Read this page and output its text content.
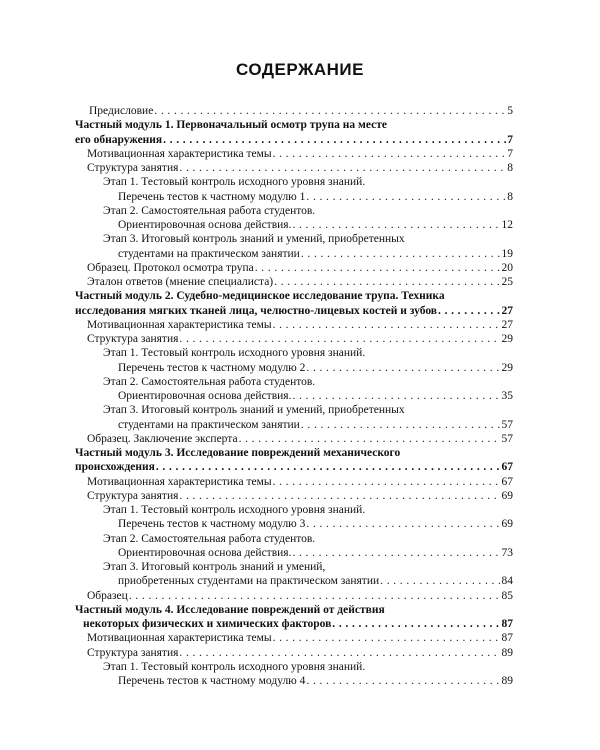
СОДЕРЖАНИЕ
Предисловие . . .	5
Частный модуль 1. Первоначальный осмотр трупа на месте
его обнаружения . . .	7
Мотивационная характеристика темы . . .	7
Структура занятия . . .	8
Этап 1. Тестовый контроль исходного уровня знаний.
Перечень тестов к частному модулю 1 . . .	8
Этап 2. Самостоятельная работа студентов.
Ориентировочная основа действия. . . .	12
Этап 3. Итоговый контроль знаний и умений, приобретенных
студентами на практическом занятии . . .	19
Образец. Протокол осмотра трупа . . .	20
Эталон ответов (мнение специалиста) . . .	25
Частный модуль 2. Судебно-медицинское исследование трупа. Техника
исследования мягких тканей лица, челюстно-лицевых костей и зубов . . .	27
Мотивационная характеристика темы . . .	27
Структура занятия . . .	29
Этап 1. Тестовый контроль исходного уровня знаний.
Перечень тестов к частному модулю 2 . . .	29
Этап 2. Самостоятельная работа студентов.
Ориентировочная основа действия. . . .	35
Этап 3. Итоговый контроль знаний и умений, приобретенных
студентами на практическом занятии . . .	57
Образец. Заключение эксперта . . .	57
Частный модуль 3. Исследование повреждений механического
происхождения . . .	67
Мотивационная характеристика темы . . .	67
Структура занятия . . .	69
Этап 1. Тестовый контроль исходного уровня знаний.
Перечень тестов к частному модулю 3 . . .	69
Этап 2. Самостоятельная работа студентов.
Ориентировочная основа действия. . . .	73
Этап 3. Итоговый контроль знаний и умений,
приобретенных студентами на практическом занятии . . .	84
Образец . . .	85
Частный модуль 4. Исследование повреждений от действия
некоторых физических и химических факторов . . .	87
Мотивационная характеристика темы . . .	87
Структура занятия . . .	89
Этап 1. Тестовый контроль исходного уровня знаний.
Перечень тестов к частному модулю 4 . . .	89
